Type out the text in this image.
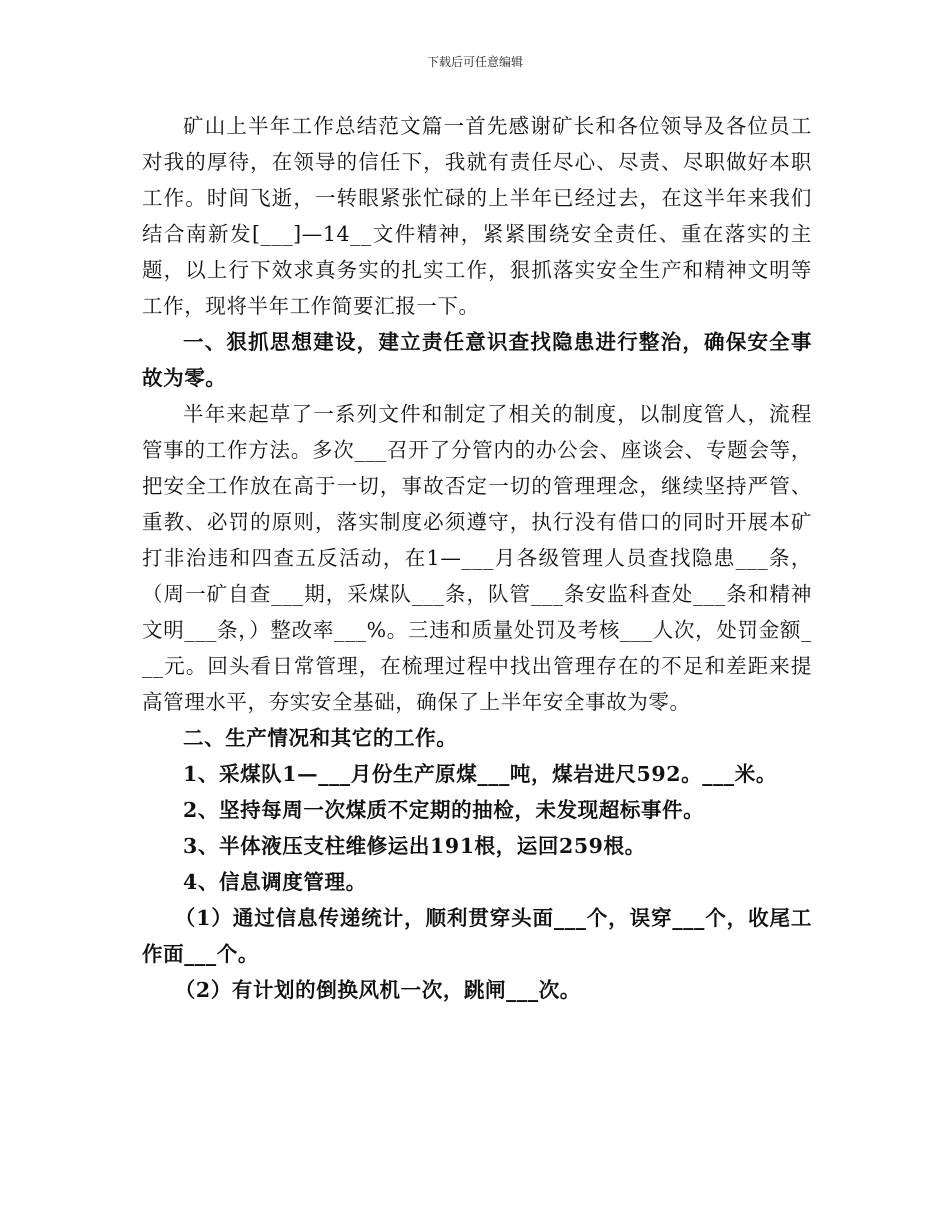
下载后可任意编辑

矿山上半年工作总结范文篇一首先感谢矿长和各位领导及各位员工对我的厚待，在领导的信任下，我就有责任尽心、尽责、尽职做好本职工作。时间飞逝，一转眼紧张忙碌的上半年已经过去，在这半年来我们结合南新发[___]—14__文件精神，紧紧围绕安全责任、重在落实的主题，以上行下效求真务实的扎实工作，狠抓落实安全生产和精神文明等工作，现将半年工作简要汇报一下。

一、狠抓思想建设，建立责任意识查找隐患进行整治，确保安全事故为零。

半年来起草了一系列文件和制定了相关的制度，以制度管人，流程管事的工作方法。多次___召开了分管内的办公会、座谈会、专题会等，把安全工作放在高于一切，事故否定一切的管理理念，继续坚持严管、重教、必罚的原则，落实制度必须遵守，执行没有借口的同时开展本矿打非治违和四查五反活动，在1—___月各级管理人员查找隐患___条，（周一矿自查___期，采煤队___条，队管___条安监科查处___条和精神文明___条，）整改率___%。三违和质量处罚及考核___人次，处罚金额___元。回头看日常管理，在梳理过程中找出管理存在的不足和差距来提高管理水平，夯实安全基础，确保了上半年安全事故为零。

二、生产情况和其它的工作。

1、采煤队1—___月份生产原煤___吨，煤岩进尺592。___米。

2、坚持每周一次煤质不定期的抽检，未发现超标事件。

3、半体液压支柱维修运出191根，运回259根。

4、信息调度管理。

（1）通过信息传递统计，顺利贯穿头面___个，误穿___个，收尾工作面___个。

（2）有计划的倒换风机一次，跳闸___次。
